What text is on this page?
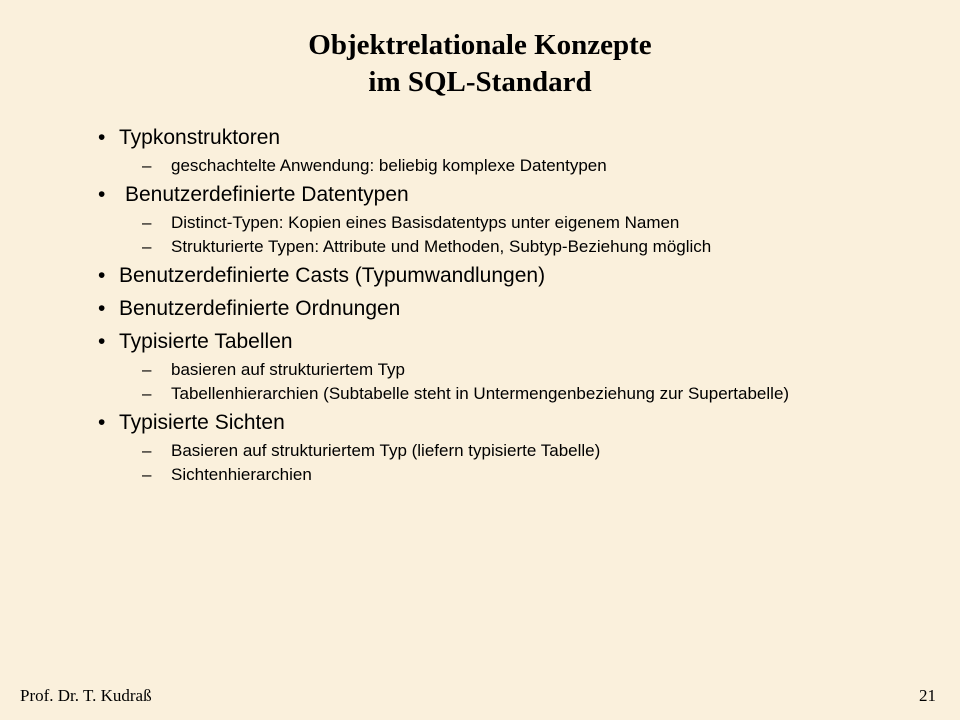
Objektrelationale Konzepte
im SQL-Standard
• Typkonstruktoren
– geschachtelte Anwendung: beliebig komplexe Datentypen
• Benutzerdefinierte Datentypen
– Distinct-Typen: Kopien eines Basisdatentyps unter eigenem Namen
– Strukturierte Typen: Attribute und Methoden, Subtyp-Beziehung möglich
• Benutzerdefinierte Casts (Typumwandlungen)
• Benutzerdefinierte Ordnungen
• Typisierte Tabellen
– basieren auf strukturiertem Typ
– Tabellenhierarchien (Subtabelle steht in Untermengenbeziehung zur Supertabelle)
• Typisierte Sichten
– Basieren auf strukturiertem Typ (liefern typisierte Tabelle)
– Sichtenhierarchien
Prof. Dr. T. Kudraß	21
